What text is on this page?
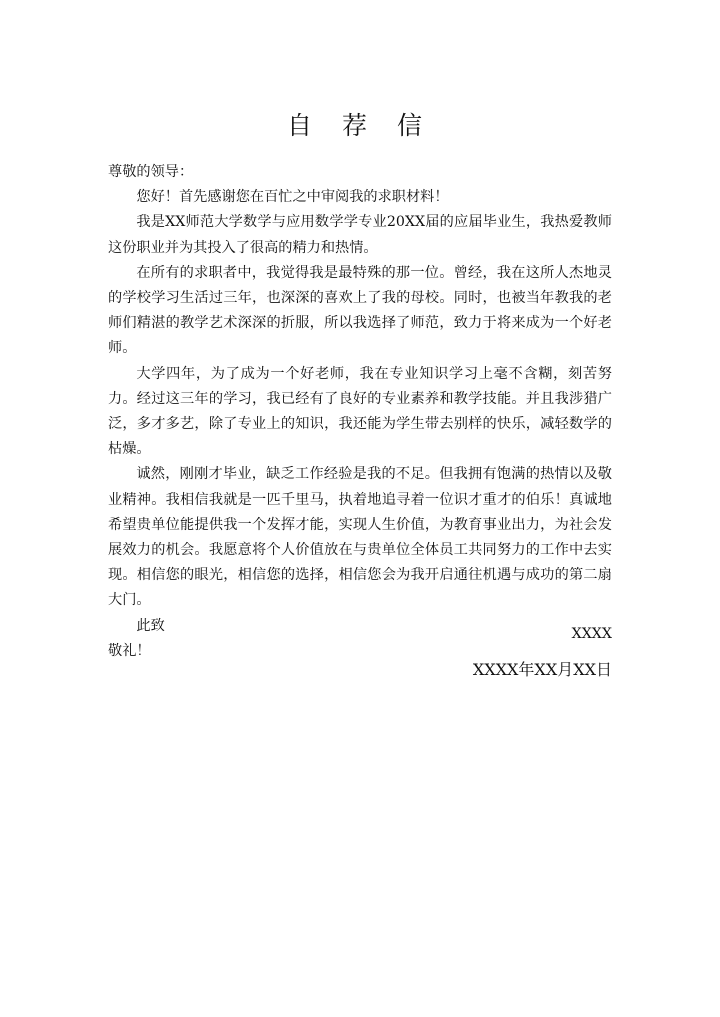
自 荐 信

尊敬的领导：

您好！首先感谢您在百忙之中审阅我的求职材料！

我是XX师范大学数学与应用数学学专业20XX届的应届毕业生，我热爱教师这份职业并为其投入了很高的精力和热情。

在所有的求职者中，我觉得我是最特殊的那一位。曾经，我在这所人杰地灵的学校学习生活过三年，也深深的喜欢上了我的母校。同时，也被当年教我的老师们精湛的教学艺术深深的折服，所以我选择了师范，致力于将来成为一个好老师。

大学四年，为了成为一个好老师，我在专业知识学习上毫不含糊，刻苦努力。经过这三年的学习，我已经有了良好的专业素养和教学技能。并且我涉猎广泛，多才多艺，除了专业上的知识，我还能为学生带去别样的快乐，减轻数学的枯燥。

诚然，刚刚才毕业，缺乏工作经验是我的不足。但我拥有饱满的热情以及敬业精神。我相信我就是一匹千里马，执着地追寻着一位识才重才的伯乐！真诚地希望贵单位能提供我一个发挥才能，实现人生价值，为教育事业出力，为社会发展效力的机会。我愿意将个人价值放在与贵单位全体员工共同努力的工作中去实现。相信您的眼光，相信您的选择，相信您会为我开启通往机遇与成功的第二扇大门。

此致

敬礼！

XXXX
XXXX年XX月XX日
